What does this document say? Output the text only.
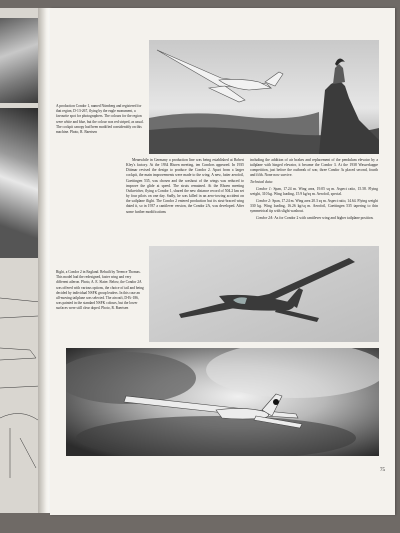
A production Condor 1, named Nürnberg and registered for that region, D-13-267, flying by the eagle monument, a favourite spot for photographers. The colours for the region were white and blue, but the colour was red striped, as usual. The cockpit canopy had been modified considerably on this machine. Photo, R. Baertsen

Meanwhile in Germany a production line was being established at Robert Kley's factory. At the 1934 Rhoen meeting, ten Condors appeared. In 1935 Dittmar revised the design to produce the Condor 2. Apart from a larger cockpit, the main improvements were made to the wing. A new, fatter aerofoil, Goettingen 535, was chosen and the washout of the wings was reduced to improve the glide at speed. The struts remained. At the Rhoen meeting Ostkreicher, flying a Condor 1, shared the new distance record of 504.2 km set by four pilots on one day. Sadly, he was killed in an aero-towing accident on the sailplane flight. The Condor 2 entered production but its strut-braced wing dated it, so in 1937 a cantilever version, the Condor 2A, was developed. After some further modifications

including the addition of air brakes and replacement of the pendulum elevator by a tailplane with hinged elevator, it became the Condor 3. At the 1938 Wasserkuppe competition, just before the outbreak of war, three Condor 3s placed second, fourth and fifth. None now survive.

Technical data:

Condor 1: Span, 17.24 m. Wing area, 19.05 sq m. Aspect ratio, 15.58. Flying weight, 310 kg. Wing loading, 15.9 kg/sq m. Aerofoil, special.

Condor 2: Span, 17.24 m. Wing area 20.3 sq m. Aspect ratio, 14.64. Flying weight 330 kg. Wing loading, 16.26 kg/sq m. Aerofoil, Goettingen 535 tapering to thin symmetrical tip with slight washout.

Condor 2A: As for Condor 2 with cantilever wing and higher tailplane position.

Right, a Condor 2 in England. Rebuilt by Terence Thomas. This model had the redesigned, faster wing and very different aileron. Photo, A. E. Slater. Below, the Condor 2A was offered with various options, the choice of tail and being decided by individual NSFK group leaders. In this case an all-moving tailplane was selected. The aircraft, D-Ei-186, was painted in the standard NSFK colours, but the lower surfaces were still clear doped. Photo, R. Baertsen
75
